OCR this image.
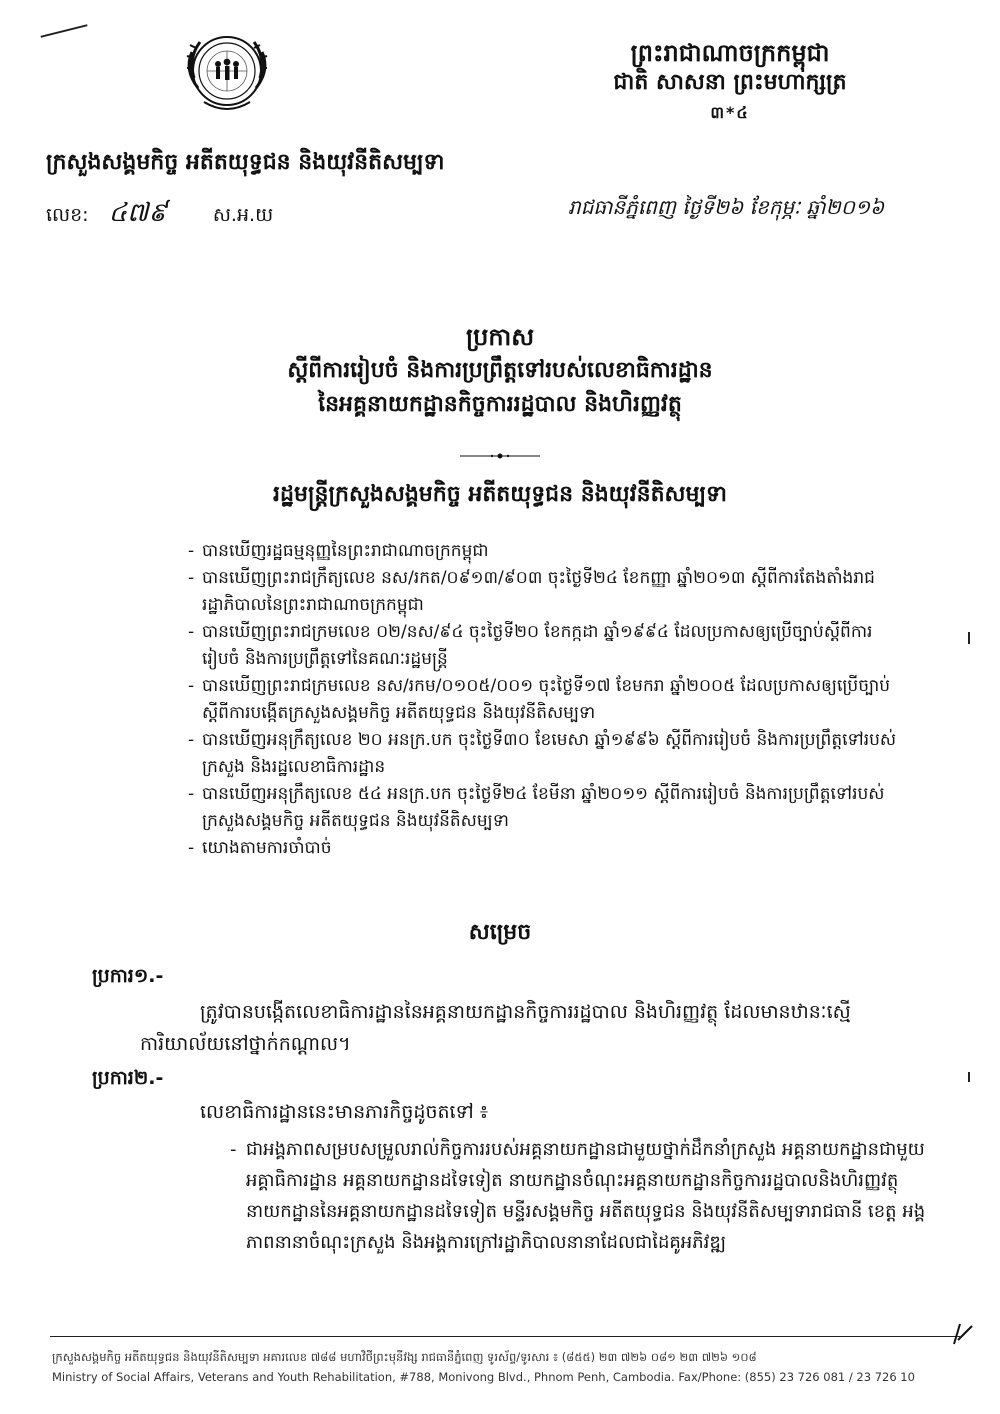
ព្រះរាជាណាចក្រកម្ពុជា
ជាតិ សាសនា ព្រះមហាក្សត្រ
៣*៤
ក្រសួងសង្គមកិច្ច អតីតយុទ្ធជន និងយុវនីតិសម្បទា
លេខ: ៤៧៩ ស.អ.យ	រាជធានីភ្នំពេញ ថ្ងៃទី២៦ ខែកុម្ភៈ ឆ្នាំ២០១៦
ប្រកាស
ស្តីពីការរៀបចំ និងការប្រព្រឹត្តទៅរបស់លេខាធិការដ្ឋាន
នៃអគ្គនាយកដ្ឋានកិច្ចការរដ្ឋបាល និងហិរញ្ញវត្ថុ
រដ្ឋមន្ត្រីក្រសួងសង្គមកិច្ច អតីតយុទ្ធជន និងយុវនីតិសម្បទា
- បានឃើញរដ្ឋធម្មនុញ្ញនៃព្រះរាជាណាចក្រកម្ពុជា
- បានឃើញព្រះរាជក្រឹត្យលេខ នស/រកត/០៩១៣/៩០៣ ចុះថ្ងៃទី២៤ ខែកញ្ញា ឆ្នាំ២០១៣ ស្តីពីការតែងតាំងរាជរដ្ឋាភិបាលនៃព្រះរាជាណាចក្រកម្ពុជា
- បានឃើញព្រះរាជក្រមលេខ ០២/នស/៩៤ ចុះថ្ងៃទី២០ ខែកក្កដា ឆ្នាំ១៩៩៤ ដែលប្រកាសឲ្យប្រើច្បាប់ស្តីពីការរៀបចំ និងការប្រព្រឹត្តទៅនៃគណៈរដ្ឋមន្ត្រី
- បានឃើញព្រះរាជក្រមលេខ នស/រកម/០១០៥/០០១ ចុះថ្ងៃទី១៧ ខែមករា ឆ្នាំ២០០៥ ដែលប្រកាសឲ្យប្រើច្បាប់ស្តីពីការបង្កើតក្រសួងសង្គមកិច្ច អតីតយុទ្ធជន និងយុវនីតិសម្បទា
- បានឃើញអនុក្រឹត្យលេខ ២០ អនក្រ.បក ចុះថ្ងៃទី៣០ ខែមេសា ឆ្នាំ១៩៩៦ ស្តីពីការរៀបចំ និងការប្រព្រឹត្តទៅរបស់ក្រសួង និងរដ្ឋលេខាធិការដ្ឋាន
- បានឃើញអនុក្រឹត្យលេខ ៥៤ អនក្រ.បក ចុះថ្ងៃទី២៤ ខែមីនា ឆ្នាំ២០១១ ស្តីពីការរៀបចំ និងការប្រព្រឹត្តទៅរបស់ក្រសួងសង្គមកិច្ច អតីតយុទ្ធជន និងយុវនីតិសម្បទា
- យោងតាមការចាំបាច់
សម្រេច
ប្រការ១.-
ត្រូវបានបង្កើតលេខាធិការដ្ឋាននៃអគ្គនាយកដ្ឋានកិច្ចការរដ្ឋបាល និងហិរញ្ញវត្ថុ ដែលមានឋានៈស្មើការិយាល័យនៅថ្នាក់កណ្តាល។
ប្រការ២.-
លេខាធិការដ្ឋាននេះមានភារកិច្ចដូចតទៅ ៖
- ជាអង្គភាពសម្របសម្រួលរាល់កិច្ចការរបស់អគ្គនាយកដ្ឋានជាមួយថ្នាក់ដឹកនាំក្រសួង អគ្គនាយកដ្ឋានជាមួយ អគ្គាធិការដ្ឋាន អគ្គនាយកដ្ឋានដទៃទៀត នាយកដ្ឋានចំណុះអគ្គនាយកដ្ឋានកិច្ចការរដ្ឋបាលនិងហិរញ្ញវត្ថុ នាយកដ្ឋាននៃអគ្គនាយកដ្ឋានដទៃទៀត មន្ទីរសង្គមកិច្ច អតីតយុទ្ធជន និងយុវនីតិសម្បទារាជធានី ខេត្ត អង្គភាពនានាចំណុះក្រសួង និងអង្គការក្រៅរដ្ឋាភិបាលនានាដែលជាដៃគូអភិវឌ្ឍ
ក្រសួងសង្គមកិច្ច អតីតយុទ្ធជន និងយុវនីតិសម្បទា អគារលេខ ៧៨៨ មហាវិថីព្រះមុនីវង្ស រាជធានីភ្នំពេញ ទូរស័ព្ទ/ទូរសារ ៖ (៨៥៥) ២៣ ៧២៦ ០៨១ ២៣ ៧២៦ ១០៨
Ministry of Social Affairs, Veterans and Youth Rehabilitation, #788, Monivong Blvd., Phnom Penh, Cambodia. Fax/Phone: (855) 23 726 081 / 23 726 10
